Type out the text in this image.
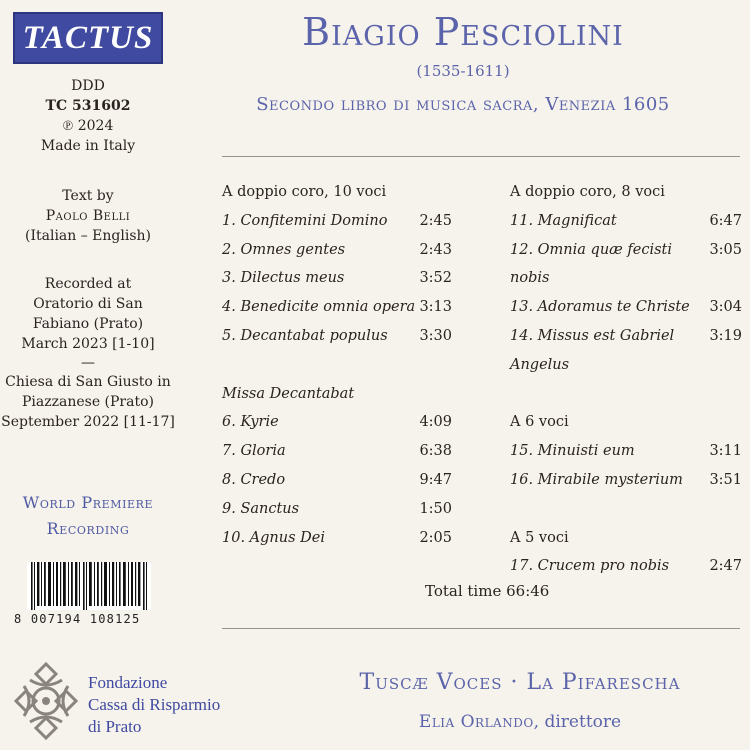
TACTUS
DDD
TC 531602
℗ 2024
Made in Italy
Text by
Paolo Belli
(Italian – English)
Recorded at
Oratorio di San
Fabiano (Prato)
March 2023 [1-10]
—
Chiesa di San Giusto in
Piazzanese (Prato)
September 2022 [11-17]
World Premiere
Recording
8 007194 108125
Biagio Pesciolini
(1535-1611)
Secondo libro di musica sacra, Venezia 1605
A doppio coro, 10 voci
1. Confitemini Domino 2:45
2. Omnes gentes	2:43
3. Dilectus meus	3:52
4. Benedicite omnia opera 3:13
5. Decantabat populus 3:30
Missa Decantabat
6. Kyrie	4:09
7. Gloria	6:38
8. Credo	9:47
9. Sanctus	1:50
10. Agnus Dei	2:05
A doppio coro, 8 voci
11. Magnificat	6:47
12. Omnia quæ fecisti nobis
3:05
13. Adoramus te Christe 3:04
14. Missus est Gabriel Angelus
3:19
A 6 voci
15. Minuisti eum	3:11
16. Mirabile mysterium 3:51
A 5 voci
17. Crucem pro nobis	2:47
Total time 66:46
Fondazione
Cassa di Risparmio
di Prato
Tuscæ Voces · La Pifarescha
Elia Orlando, direttore
